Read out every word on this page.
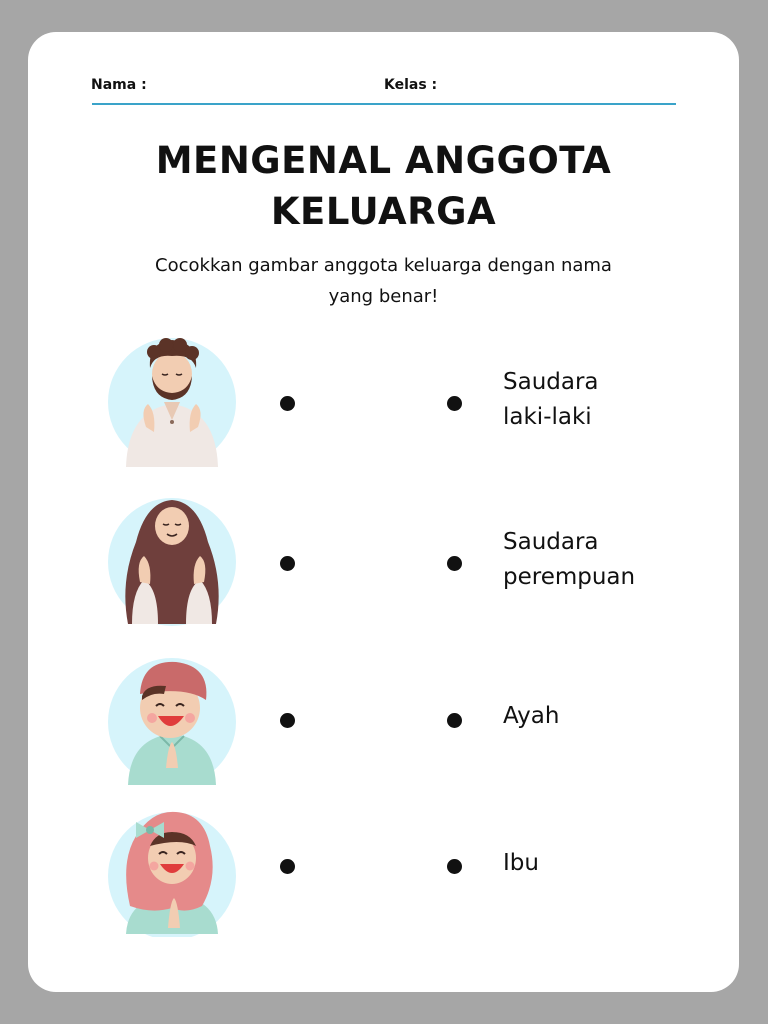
Nama :	Kelas :
MENGENAL ANGGOTA
KELUARGA
Cocokkan gambar anggota keluarga dengan nama
yang benar!
Saudara
laki-laki
Saudara
perempuan
Ayah
Ibu
